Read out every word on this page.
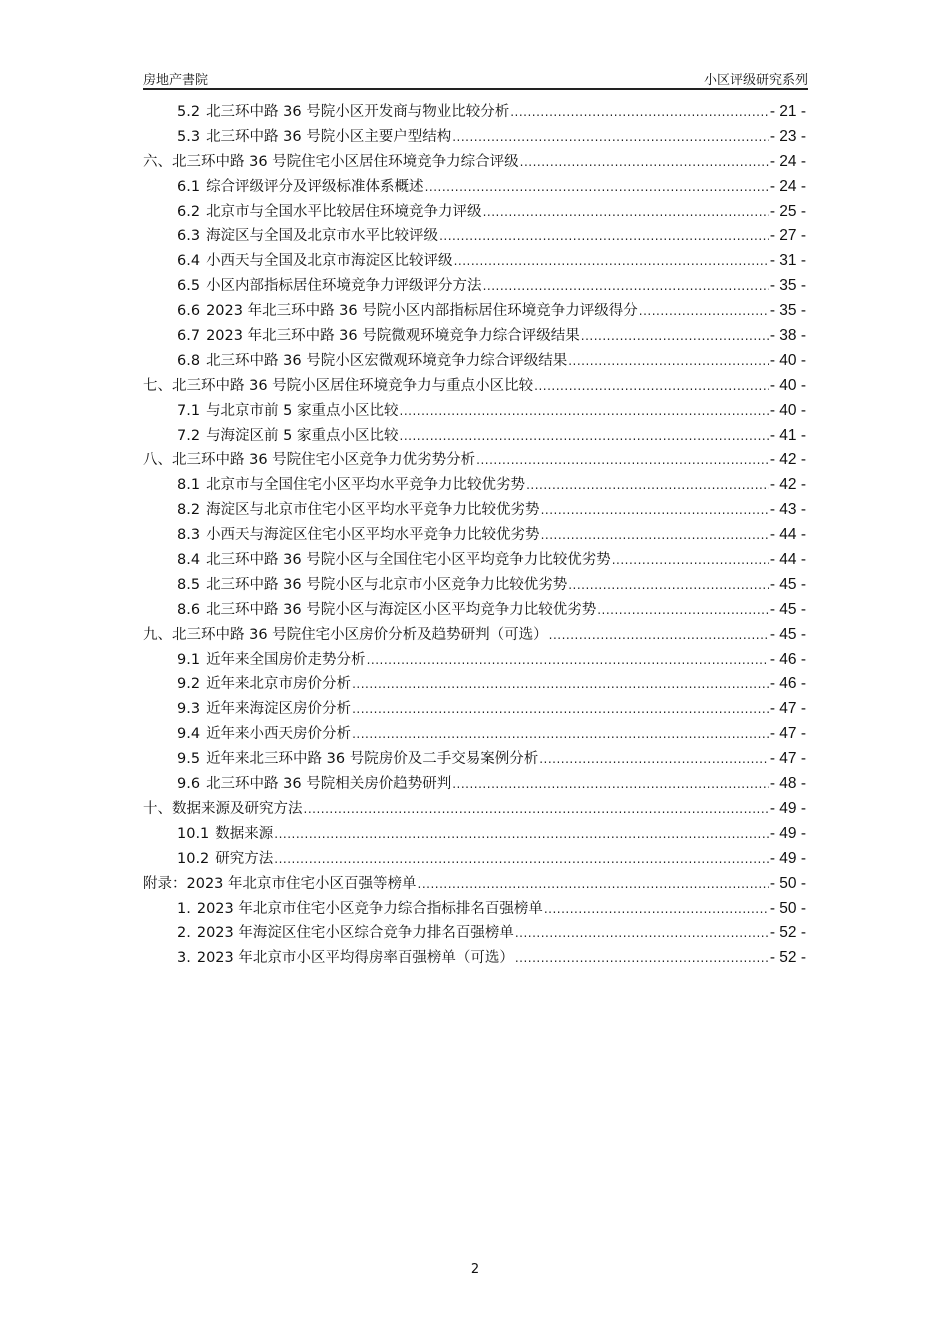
房地产書院	小区评级研究系列
5.2 北三环中路 36 号院小区开发商与物业比较分析 .....	- 21 -
5.3 北三环中路 36 号院小区主要户型结构 .....	- 23 -
六、北三环中路 36 号院住宅小区居住环境竞争力综合评级 .....	- 24 -
6.1 综合评级评分及评级标准体系概述 .....	- 24 -
6.2 北京市与全国水平比较居住环境竞争力评级 .....	- 25 -
6.3 海淀区与全国及北京市水平比较评级 .....	- 27 -
6.4 小西天与全国及北京市海淀区比较评级 .....	- 31 -
6.5 小区内部指标居住环境竞争力评级评分方法 .....	- 35 -
6.6 2023 年北三环中路 36 号院小区内部指标居住环境竞争力评级得分 .....	- 35 -
6.7 2023 年北三环中路 36 号院微观环境竞争力综合评级结果 .....	- 38 -
6.8 北三环中路 36 号院小区宏微观环境竞争力综合评级结果 .....	- 40 -
七、北三环中路 36 号院小区居住环境竞争力与重点小区比较 .....	- 40 -
7.1 与北京市前 5 家重点小区比较 .....	- 40 -
7.2 与海淀区前 5 家重点小区比较 .....	- 41 -
八、北三环中路 36 号院住宅小区竞争力优劣势分析 .....	- 42 -
8.1 北京市与全国住宅小区平均水平竞争力比较优劣势 .....	- 42 -
8.2 海淀区与北京市住宅小区平均水平竞争力比较优劣势 .....	- 43 -
8.3 小西天与海淀区住宅小区平均水平竞争力比较优劣势 .....	- 44 -
8.4 北三环中路 36 号院小区与全国住宅小区平均竞争力比较优劣势 .....	- 44 -
8.5 北三环中路 36 号院小区与北京市小区竞争力比较优劣势 .....	- 45 -
8.6 北三环中路 36 号院小区与海淀区小区平均竞争力比较优劣势 .....	- 45 -
九、北三环中路 36 号院住宅小区房价分析及趋势研判（可选） .....	- 45 -
9.1 近年来全国房价走势分析 .....	- 46 -
9.2 近年来北京市房价分析 .....	- 46 -
9.3 近年来海淀区房价分析 .....	- 47 -
9.4 近年来小西天房价分析 .....	- 47 -
9.5 近年来北三环中路 36 号院房价及二手交易案例分析 .....	- 47 -
9.6 北三环中路 36 号院相关房价趋势研判 .....	- 48 -
十、数据来源及研究方法 .....	- 49 -
10.1 数据来源 .....	- 49 -
10.2 研究方法 .....	- 49 -
附录：2023 年北京市住宅小区百强等榜单 .....	- 50 -
1. 2023 年北京市住宅小区竞争力综合指标排名百强榜单 .....	- 50 -
2. 2023 年海淀区住宅小区综合竞争力排名百强榜单 .....	- 52 -
3. 2023 年北京市小区平均得房率百强榜单（可选） .....	- 52 -
2
